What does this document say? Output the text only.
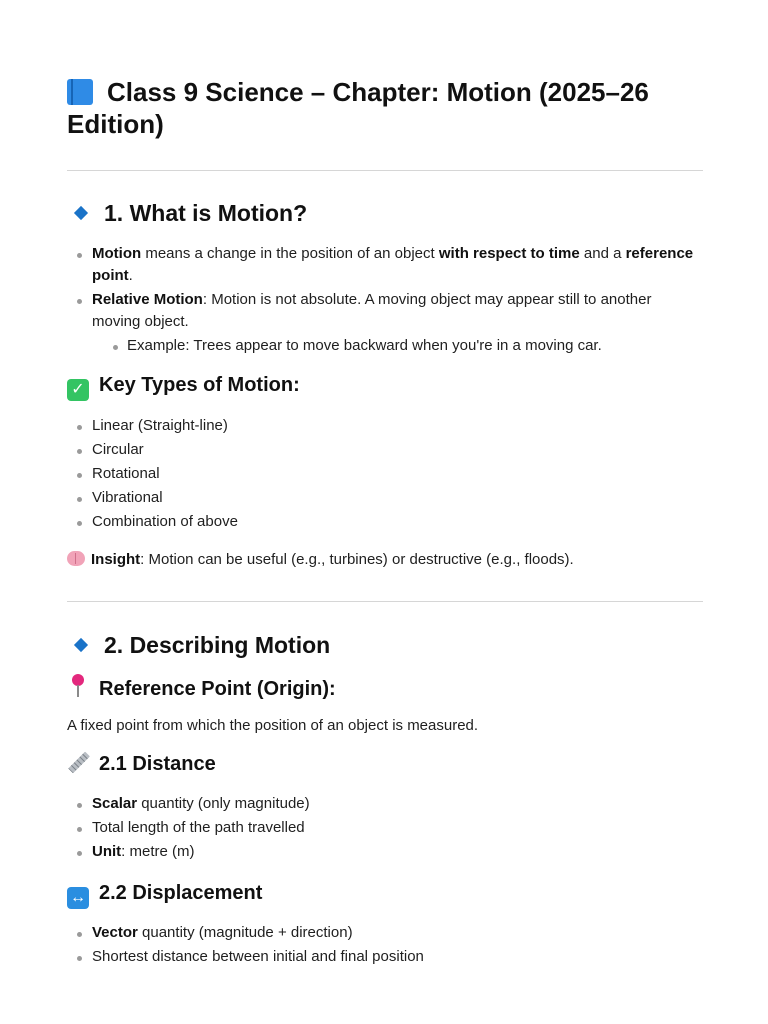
Class 9 Science – Chapter: Motion (2025–26 Edition)
1. What is Motion?
Motion means a change in the position of an object with respect to time and a reference point.
Relative Motion: Motion is not absolute. A moving object may appear still to another moving object.
Example: Trees appear to move backward when you're in a moving car.
✓ Key Types of Motion:
Linear (Straight-line)
Circular
Rotational
Vibrational
Combination of above

Insight: Motion can be useful (e.g., turbines) or destructive (e.g., floods).

2. Describing Motion
Reference Point (Origin):

A fixed point from which the position of an object is measured.

2.1 Distance
Scalar quantity (only magnitude)
Total length of the path travelled
Unit: metre (m)
↔ 2.2 Displacement
Vector quantity (magnitude + direction)
Shortest distance between initial and final position
